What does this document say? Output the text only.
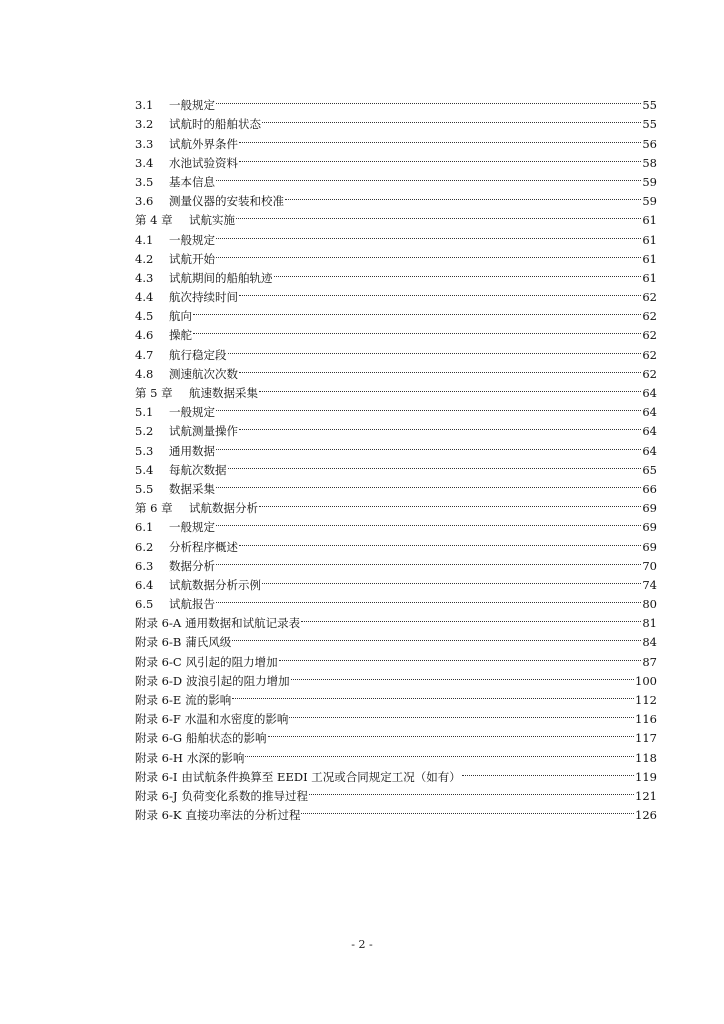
3.1	一般规定	55
3.2	试航时的船舶状态	55
3.3	试航外界条件	56
3.4	水池试验资料	58
3.5	基本信息	59
3.6	测量仪器的安装和校准	59
第 4 章	试航实施	61
4.1	一般规定	61
4.2	试航开始	61
4.3	试航期间的船舶轨迹	61
4.4	航次持续时间	62
4.5	航向	62
4.6	操舵	62
4.7	航行稳定段	62
4.8	测速航次次数	62
第 5 章	航速数据采集	64
5.1	一般规定	64
5.2	试航测量操作	64
5.3	通用数据	64
5.4	每航次数据	65
5.5	数据采集	66
第 6 章	试航数据分析	69
6.1	一般规定	69
6.2	分析程序概述	69
6.3	数据分析	70
6.4	试航数据分析示例	74
6.5	试航报告	80
附录 6-A 通用数据和试航记录表	81
附录 6-B 蒲氏风级	84
附录 6-C 风引起的阻力增加	87
附录 6-D 波浪引起的阻力增加	100
附录 6-E 流的影响	112
附录 6-F 水温和水密度的影响	116
附录 6-G 船舶状态的影响	117
附录 6-H 水深的影响	118
附录 6-I 由试航条件换算至 EEDI 工况或合同规定工况（如有）	119
附录 6-J 负荷变化系数的推导过程	121
附录 6-K 直接功率法的分析过程	126
- 2 -
